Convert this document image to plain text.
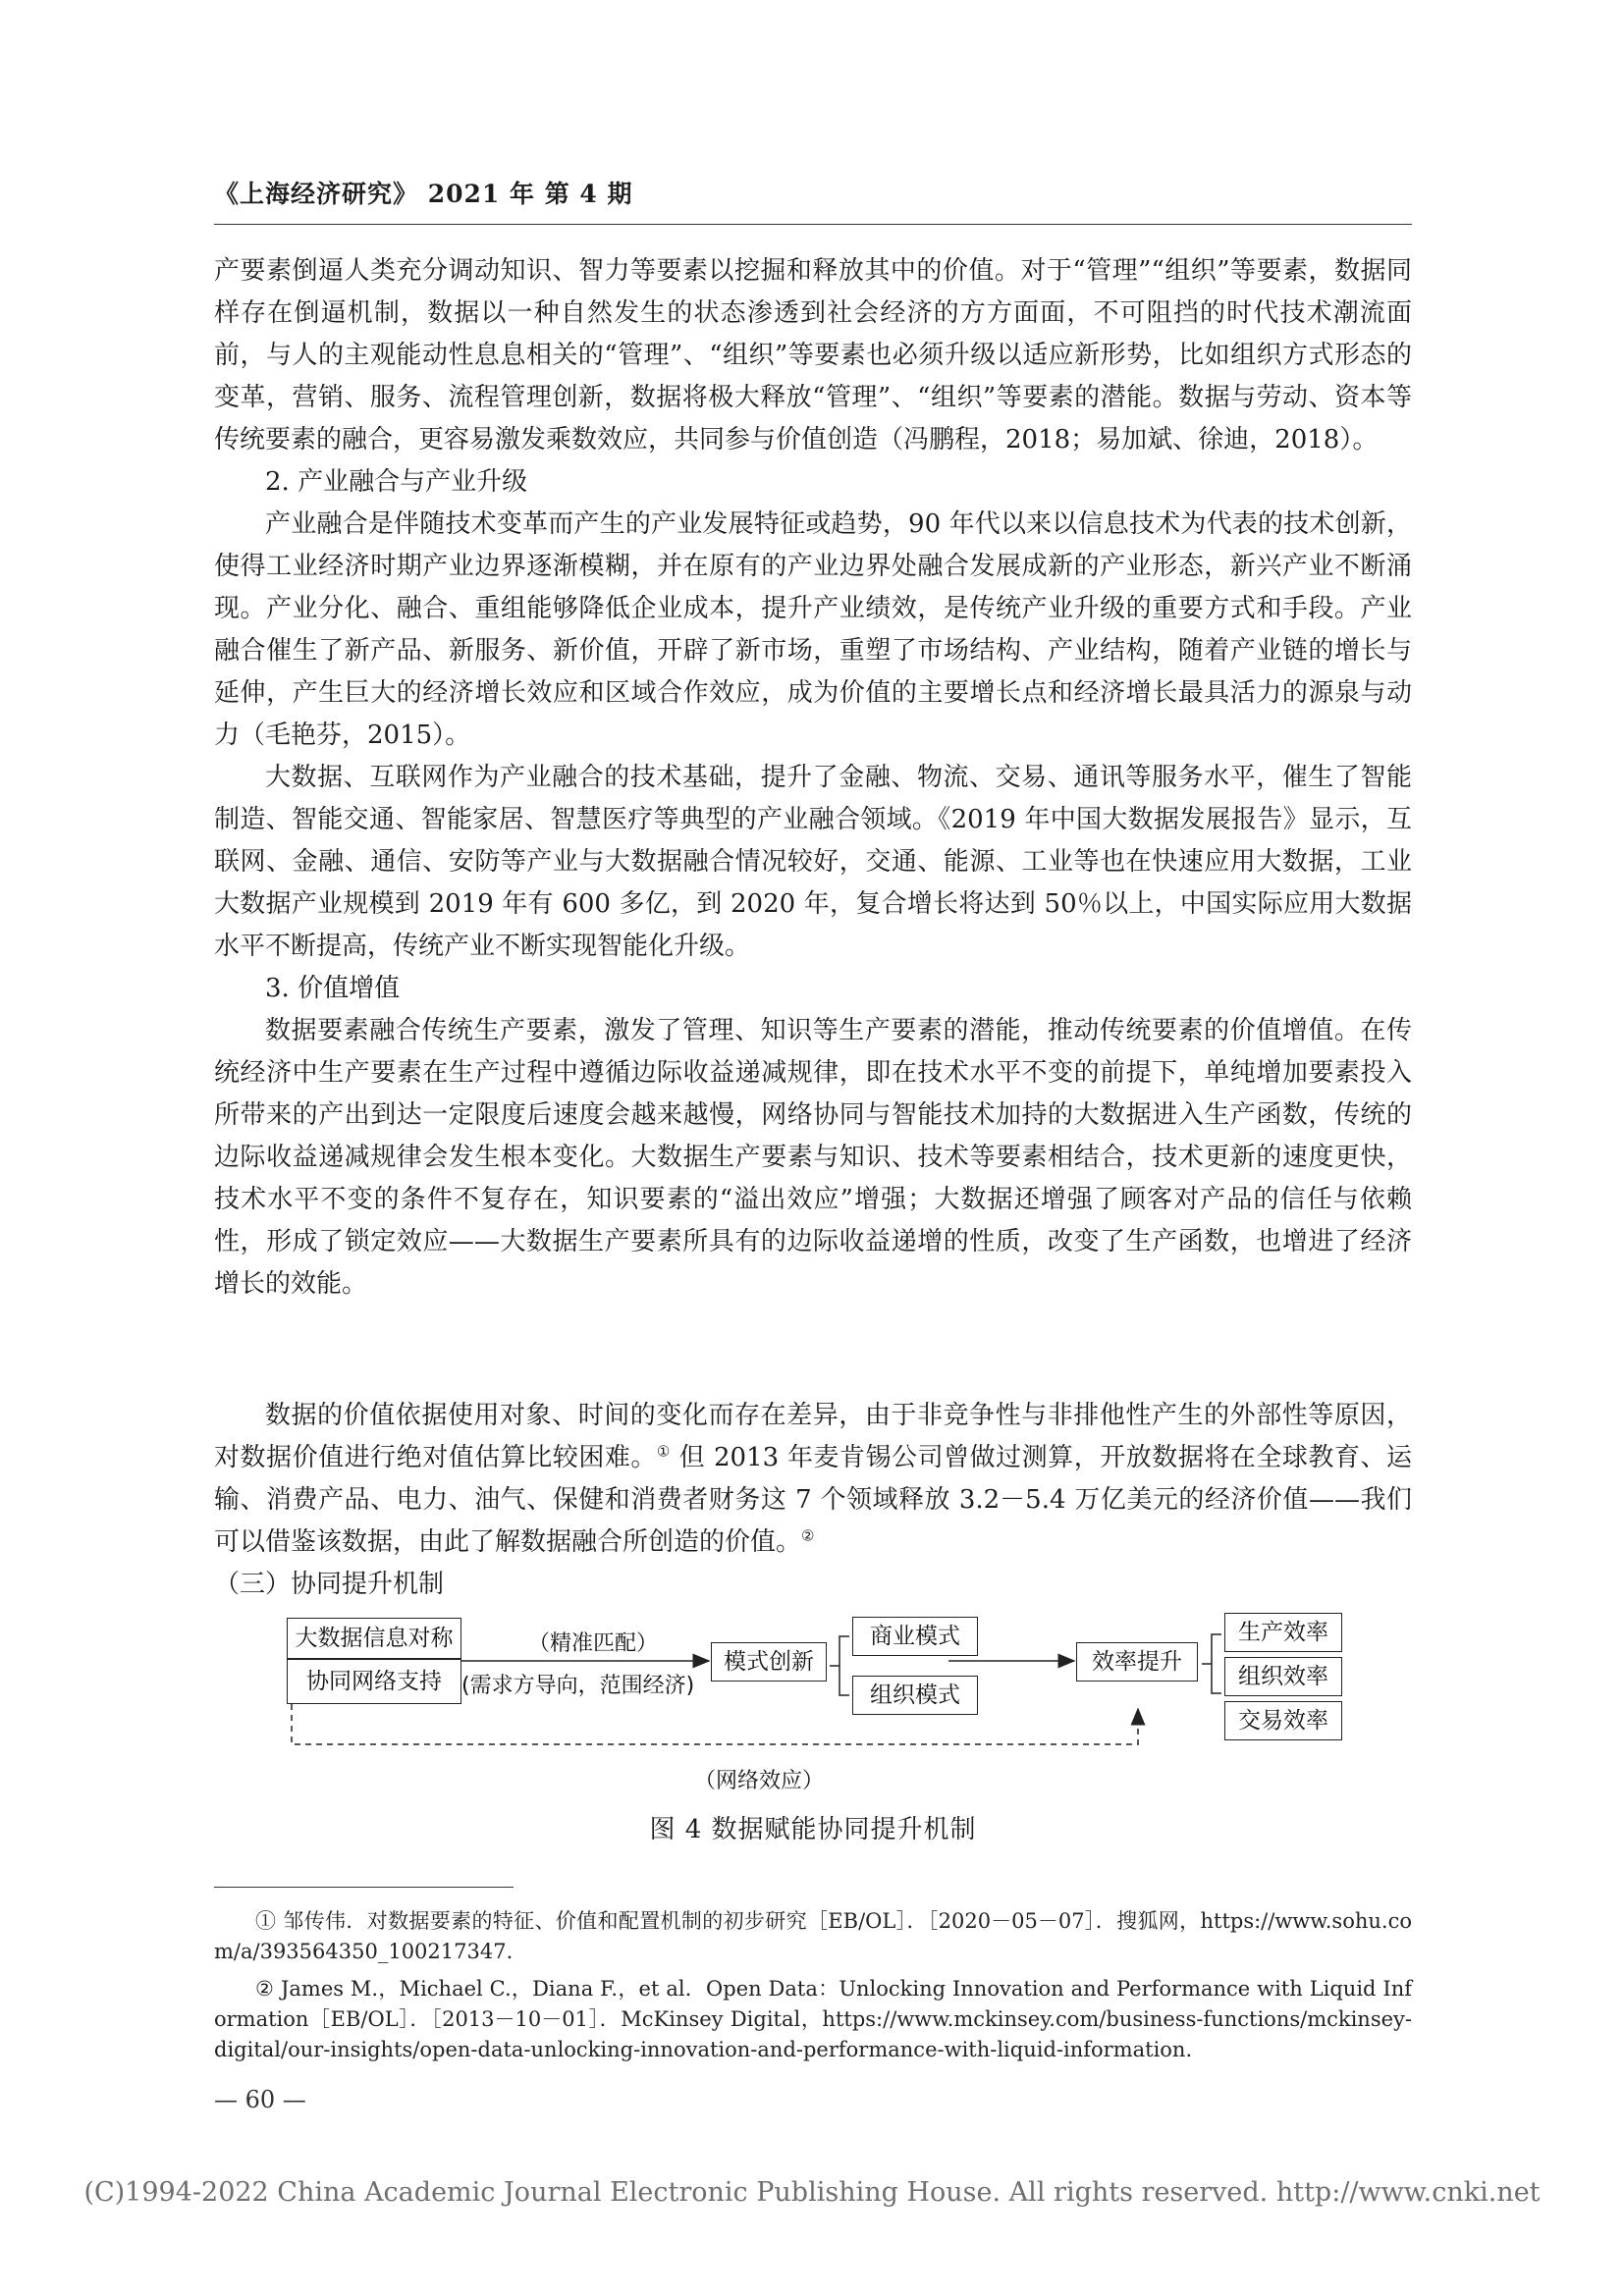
《上海经济研究》 2021 年 第 4 期

产要素倒逼人类充分调动知识、智力等要素以挖掘和释放其中的价值。对于“管理”“组织”等要素，数据同样存在倒逼机制，数据以一种自然发生的状态渗透到社会经济的方方面面，不可阻挡的时代技术潮流面前，与人的主观能动性息息相关的“管理”、“组织”等要素也必须升级以适应新形势，比如组织方式形态的变革，营销、服务、流程管理创新，数据将极大释放“管理”、“组织”等要素的潜能。数据与劳动、资本等传统要素的融合，更容易激发乘数效应，共同参与价值创造（冯鹏程，2018；易加斌、徐迪，2018）。

2. 产业融合与产业升级

产业融合是伴随技术变革而产生的产业发展特征或趋势，90 年代以来以信息技术为代表的技术创新，使得工业经济时期产业边界逐渐模糊，并在原有的产业边界处融合发展成新的产业形态，新兴产业不断涌现。产业分化、融合、重组能够降低企业成本，提升产业绩效，是传统产业升级的重要方式和手段。产业融合催生了新产品、新服务、新价值，开辟了新市场，重塑了市场结构、产业结构，随着产业链的增长与延伸，产生巨大的经济增长效应和区域合作效应，成为价值的主要增长点和经济增长最具活力的源泉与动力（毛艳芬，2015）。

大数据、互联网作为产业融合的技术基础，提升了金融、物流、交易、通讯等服务水平，催生了智能制造、智能交通、智能家居、智慧医疗等典型的产业融合领域。《2019 年中国大数据发展报告》显示，互联网、金融、通信、安防等产业与大数据融合情况较好，交通、能源、工业等也在快速应用大数据，工业大数据产业规模到 2019 年有 600 多亿，到 2020 年，复合增长将达到 50％以上，中国实际应用大数据水平不断提高，传统产业不断实现智能化升级。

3. 价值增值

数据要素融合传统生产要素，激发了管理、知识等生产要素的潜能，推动传统要素的价值增值。在传统经济中生产要素在生产过程中遵循边际收益递减规律，即在技术水平不变的前提下，单纯增加要素投入所带来的产出到达一定限度后速度会越来越慢，网络协同与智能技术加持的大数据进入生产函数，传统的边际收益递减规律会发生根本变化。大数据生产要素与知识、技术等要素相结合，技术更新的速度更快，技术水平不变的条件不复存在，知识要素的“溢出效应”增强；大数据还增强了顾客对产品的信任与依赖性，形成了锁定效应——大数据生产要素所具有的边际收益递增的性质，改变了生产函数，也增进了经济增长的效能。

数据的价值依据使用对象、时间的变化而存在差异，由于非竞争性与非排他性产生的外部性等原因，对数据价值进行绝对值估算比较困难。① 但 2013 年麦肯锡公司曾做过测算，开放数据将在全球教育、运输、消费产品、电力、油气、保健和消费者财务这 7 个领域释放 3.2－5.4 万亿美元的经济价值——我们可以借鉴该数据，由此了解数据融合所创造的价值。②

（三）协同提升机制
大数据信息对称
协同网络支持
（精准匹配）
(需求方导向，范围经济)
模式创新
商业模式
组织模式
效率提升
生产效率
组织效率
交易效率
（网络效应）
图 4 数据赋能协同提升机制

① 邹传伟．对数据要素的特征、价值和配置机制的初步研究［EB/OL］．［2020－05－07］．搜狐网，https://www.sohu.com/a/393564350_100217347.

② James M.，Michael C.，Diana F.，et al．Open Data：Unlocking Innovation and Performance with Liquid Information［EB/OL］．［2013－10－01］．McKinsey Digital，https://www.mckinsey.com/business-functions/mckinsey-digital/our-insights/open-data-unlocking-innovation-and-performance-with-liquid-information.

— 60 —
(C)1994-2022 China Academic Journal Electronic Publishing House. All rights reserved. http://www.cnki.net
